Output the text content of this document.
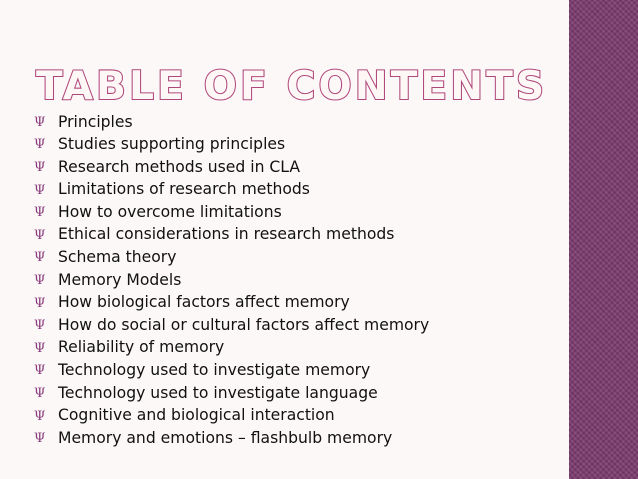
TABLE OF CONTENTS
Ψ Principles
Ψ Studies supporting principles
Ψ Research methods used in CLA
Ψ Limitations of research methods
Ψ How to overcome limitations
Ψ Ethical considerations in research methods
Ψ Schema theory
Ψ Memory Models
Ψ How biological factors affect memory
Ψ How do social or cultural factors affect memory
Ψ Reliability of memory
Ψ Technology used to investigate memory
Ψ Technology used to investigate language
Ψ Cognitive and biological interaction
Ψ Memory and emotions – flashbulb memory
